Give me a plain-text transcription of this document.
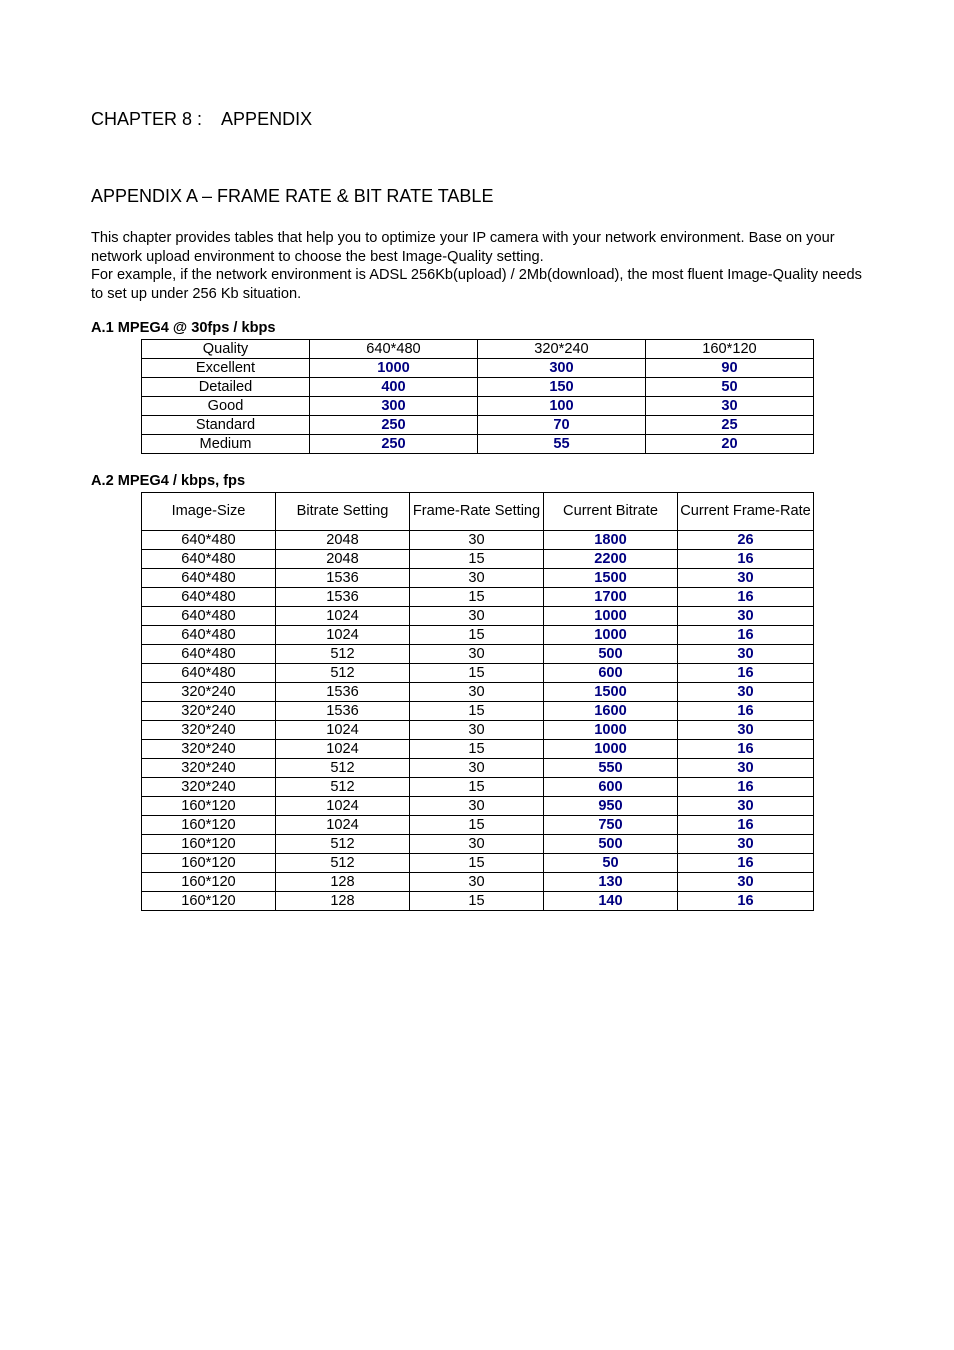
CHAPTER 8 : APPENDIX
APPENDIX A – FRAME RATE & BIT RATE TABLE

This chapter provides tables that help you to optimize your IP camera with your network environment. Base on your network upload environment to choose the best Image-Quality setting.

For example, if the network environment is ADSL 256Kb(upload) / 2Mb(download), the most fluent Image-Quality needs to set up under 256 Kb situation.

A.1 MPEG4 @ 30fps / kbps
Quality	640*480	320*240	160*120
Excellent	1000	300	90
Detailed	400	150	50
Good	300	100	30
Standard	250	70	25
Medium	250	55	20
A.2 MPEG4 / kbps, fps
Image-Size	Bitrate Setting	Frame-Rate Setting	Current Bitrate	Current Frame-Rate
640*480	2048	30	1800	26
640*480	2048	15	2200	16
640*480	1536	30	1500	30
640*480	1536	15	1700	16
640*480	1024	30	1000	30
640*480	1024	15	1000	16
640*480	512	30	500	30
640*480	512	15	600	16
320*240	1536	30	1500	30
320*240	1536	15	1600	16
320*240	1024	30	1000	30
320*240	1024	15	1000	16
320*240	512	30	550	30
320*240	512	15	600	16
160*120	1024	30	950	30
160*120	1024	15	750	16
160*120	512	30	500	30
160*120	512	15	50	16
160*120	128	30	130	30
160*120	128	15	140	16
